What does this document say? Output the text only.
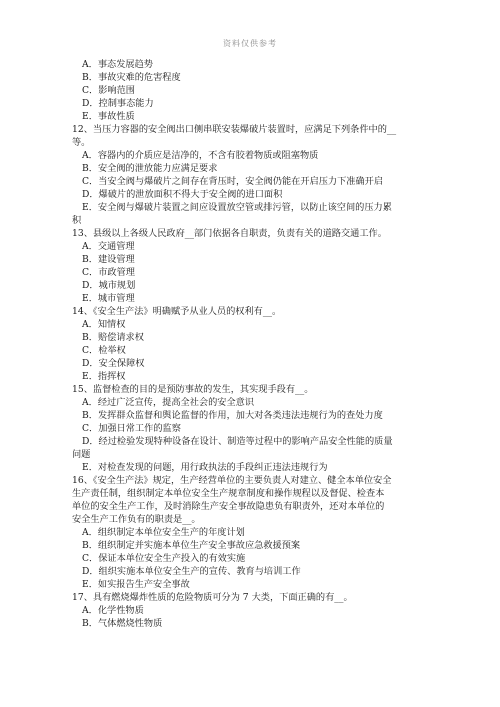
资料仅供参考
A．事态发展趋势
B．事故灾难的危害程度
C．影响范围
D．控制事态能力
E．事故性质
12、当压力容器的安全阀出口侧串联安装爆破片装置时，应满足下列条件中的__
等。
A．容器内的介质应是洁净的，不含有胶着物质或阻塞物质
B．安全阀的泄放能力应满足要求
C．当安全阀与爆破片之间存在背压时，安全阀仍能在开启压力下准确开启
D．爆破片的泄放面积不得大于安全阀的进口面积
E．安全阀与爆破片装置之间应设置放空管或排污管，以防止该空间的压力累
积
13、县级以上各级人民政府__部门依据各自职责，负责有关的道路交通工作。
A．交通管理
B．建设管理
C．市政管理
D．城市规划
E．城市管理
14、《安全生产法》明确赋予从业人员的权利有__。
A．知情权
B．赔偿请求权
C．检举权
D．安全保障权
E．指挥权
15、监督检查的目的是预防事故的发生，其实现手段有__。
A．经过广泛宣传，提高全社会的安全意识
B．发挥群众监督和舆论监督的作用，加大对各类违法违规行为的查处力度
C．加强日常工作的监察
D．经过检验发现特种设备在设计、制造等过程中的影响产品安全性能的质量
问题
E．对检查发现的问题，用行政执法的手段纠正违法违规行为
16、《安全生产法》规定，生产经营单位的主要负责人对建立、健全本单位安全
生产责任制，组织制定本单位安全生产规章制度和操作规程以及督促、检查本
单位的安全生产工作，及时消除生产安全事故隐患负有职责外，还对本单位的
安全生产工作负有的职责是__。
A．组织制定本单位安全生产的年度计划
B．组织制定并实施本单位生产安全事故应急救援预案
C．保证本单位安全生产投入的有效实施
D．组织实施本单位安全生产的宣传、教育与培训工作
E．如实报告生产安全事故
17、具有燃烧爆炸性质的危险物质可分为 7 大类，下面正确的有__。
A．化学性物质
B．气体燃烧性物质
